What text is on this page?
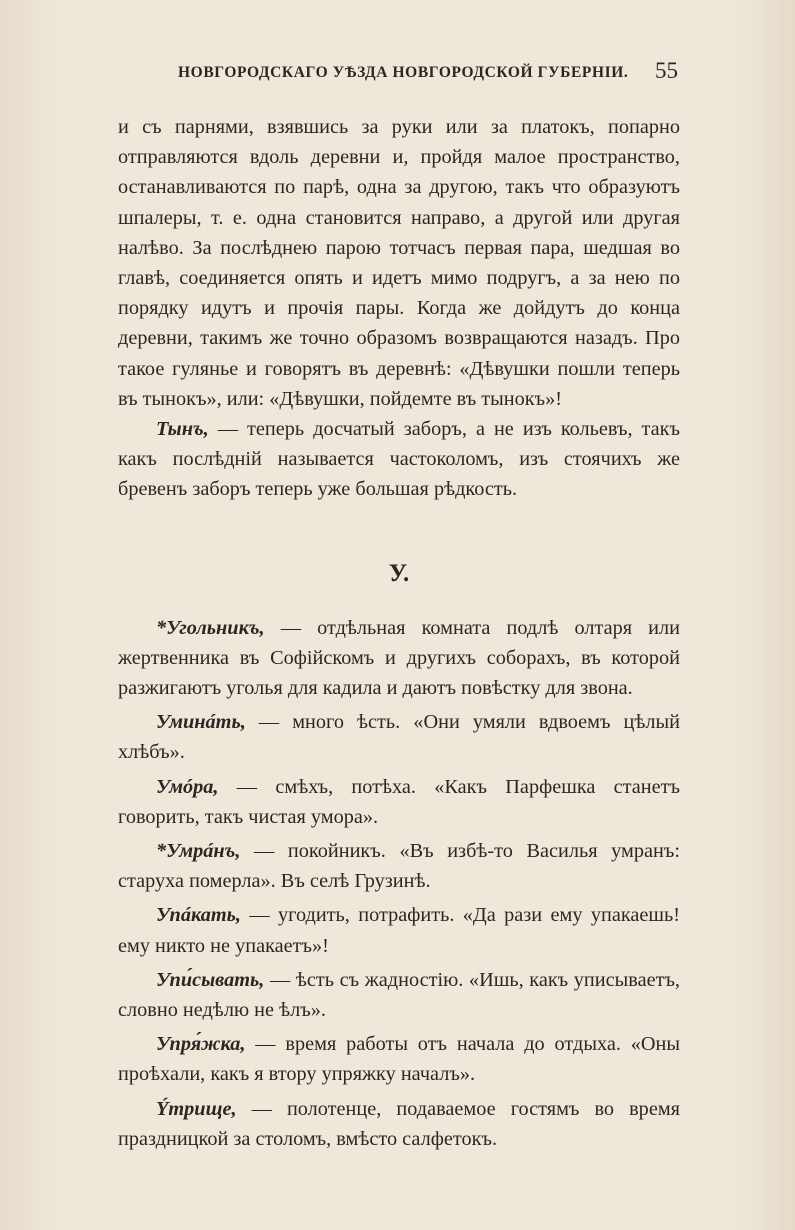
НОВГОРОДСКАГО УѢЗДА НОВГОРОДСКОЙ ГУБЕРНІИ. 55

и съ парнями, взявшись за руки или за платокъ, попарно отправляются вдоль деревни и, пройдя малое пространство, останавливаются по парѣ, одна за другою, такъ что образуютъ шпалеры, т. е. одна становится направо, а другой или другая налѣво. За послѣднею парою тотчасъ первая пара, шедшая во главѣ, соединяется опять и идетъ мимо подругъ, а за нею по порядку идутъ и прочія пары. Когда же дойдутъ до конца деревни, такимъ же точно образомъ возвращаются назадъ. Про такое гулянье и говорятъ въ деревнѣ: «Дѣвушки пошли теперь въ тынокъ», или: «Дѣвушки, пойдемте въ тынокъ»!

Тынъ, — теперь досчатый заборъ, а не изъ кольевъ, такъ какъ послѣдній называется частоколомъ, изъ стоячихъ же бревенъ заборъ теперь уже большая рѣдкость.

У.

*Угольникъ, — отдѣльная комната подлѣ олтаря или жертвенника въ Софійскомъ и другихъ соборахъ, въ которой разжигаютъ уголья для кадила и даютъ повѣстку для звона.

Уминáть, — много ѣсть. «Они умяли вдвоемъ цѣлый хлѣбъ».

Умóра, — смѣхъ, потѣха. «Какъ Парфешка станетъ говорить, такъ чистая умора».

*Умрáнъ, — покойникъ. «Въ избѣ-то Василья умранъ: старуха померла». Въ селѣ Грузинѣ.

Упáкать, — угодить, потрафить. «Да рази ему упакаешь! ему никто не упакаетъ»!

Упи́сывать, — ѣсть съ жадностію. «Ишь, какъ уписываетъ, словно недѣлю не ѣлъ».

Упря́жка, — время работы отъ начала до отдыха. «Оны проѣхали, какъ я втору упряжку началъ».

Ýтрище, — полотенце, подаваемое гостямъ во время праздницкой за столомъ, вмѣсто салфетокъ.
